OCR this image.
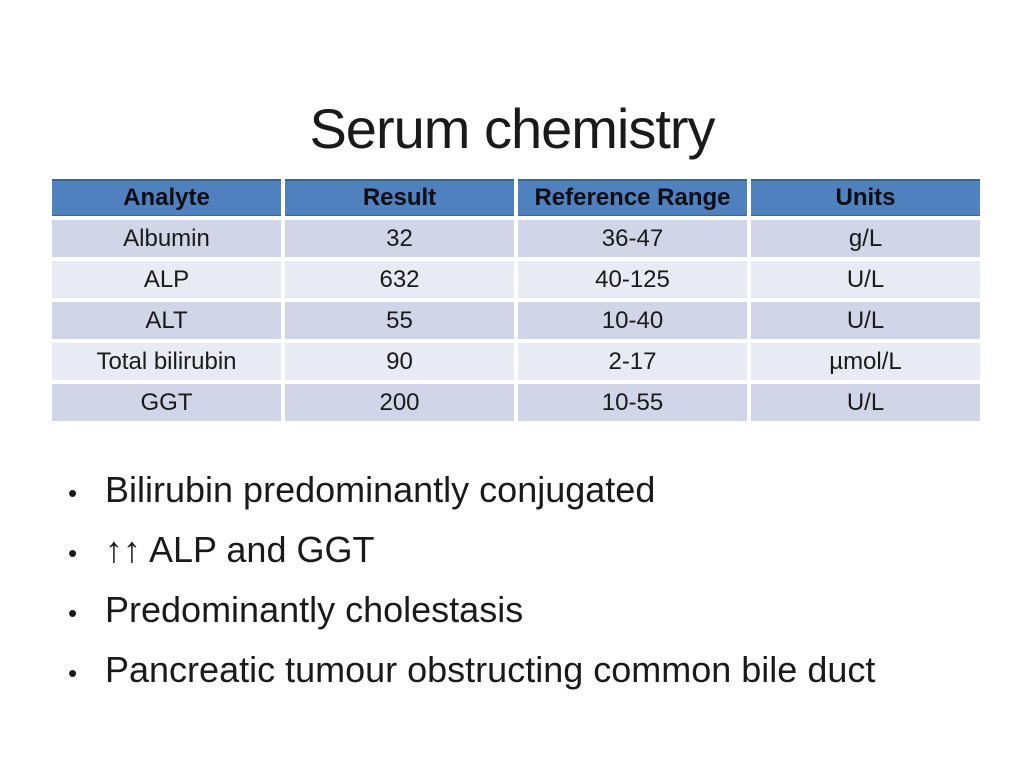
Serum chemistry
Analyte	Result	Reference Range	Units
Albumin	32	36-47	g/L
ALP	632	40-125	U/L
ALT	55	10-40	U/L
Total bilirubin	90	2-17	µmol/L
GGT	200	10-55	U/L
• Bilirubin predominantly conjugated
• ↑↑ ALP and GGT
• Predominantly cholestasis
• Pancreatic tumour obstructing common bile duct
